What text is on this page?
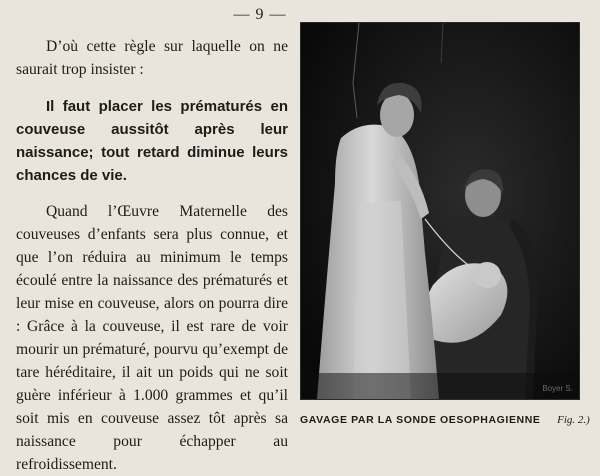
— 9 —

D’où cette règle sur laquelle on ne saurait trop insister :

Il faut placer les prématurés en couveuse aussitôt après leur naissance; tout retard diminue leurs chances de vie.

Quand l’Œuvre Maternelle des couveuses d’enfants sera plus connue, et que l’on réduira au minimum le temps écoulé entre la naissance des prématurés et leur mise en couveuse, alors on pourra dire : Grâce à la couveuse, il est rare de voir mourir un prématuré, pourvu qu’exempt de tare héréditaire, il ait un poids qui ne soit guère inférieur à 1.000 grammes et qu’il soit mis en couveuse assez tôt après sa naissance pour échapper au refroidissement.

Boyer S.
GAVAGE PAR LA SONDE OESOPHAGIENNE Fig. 2.)
